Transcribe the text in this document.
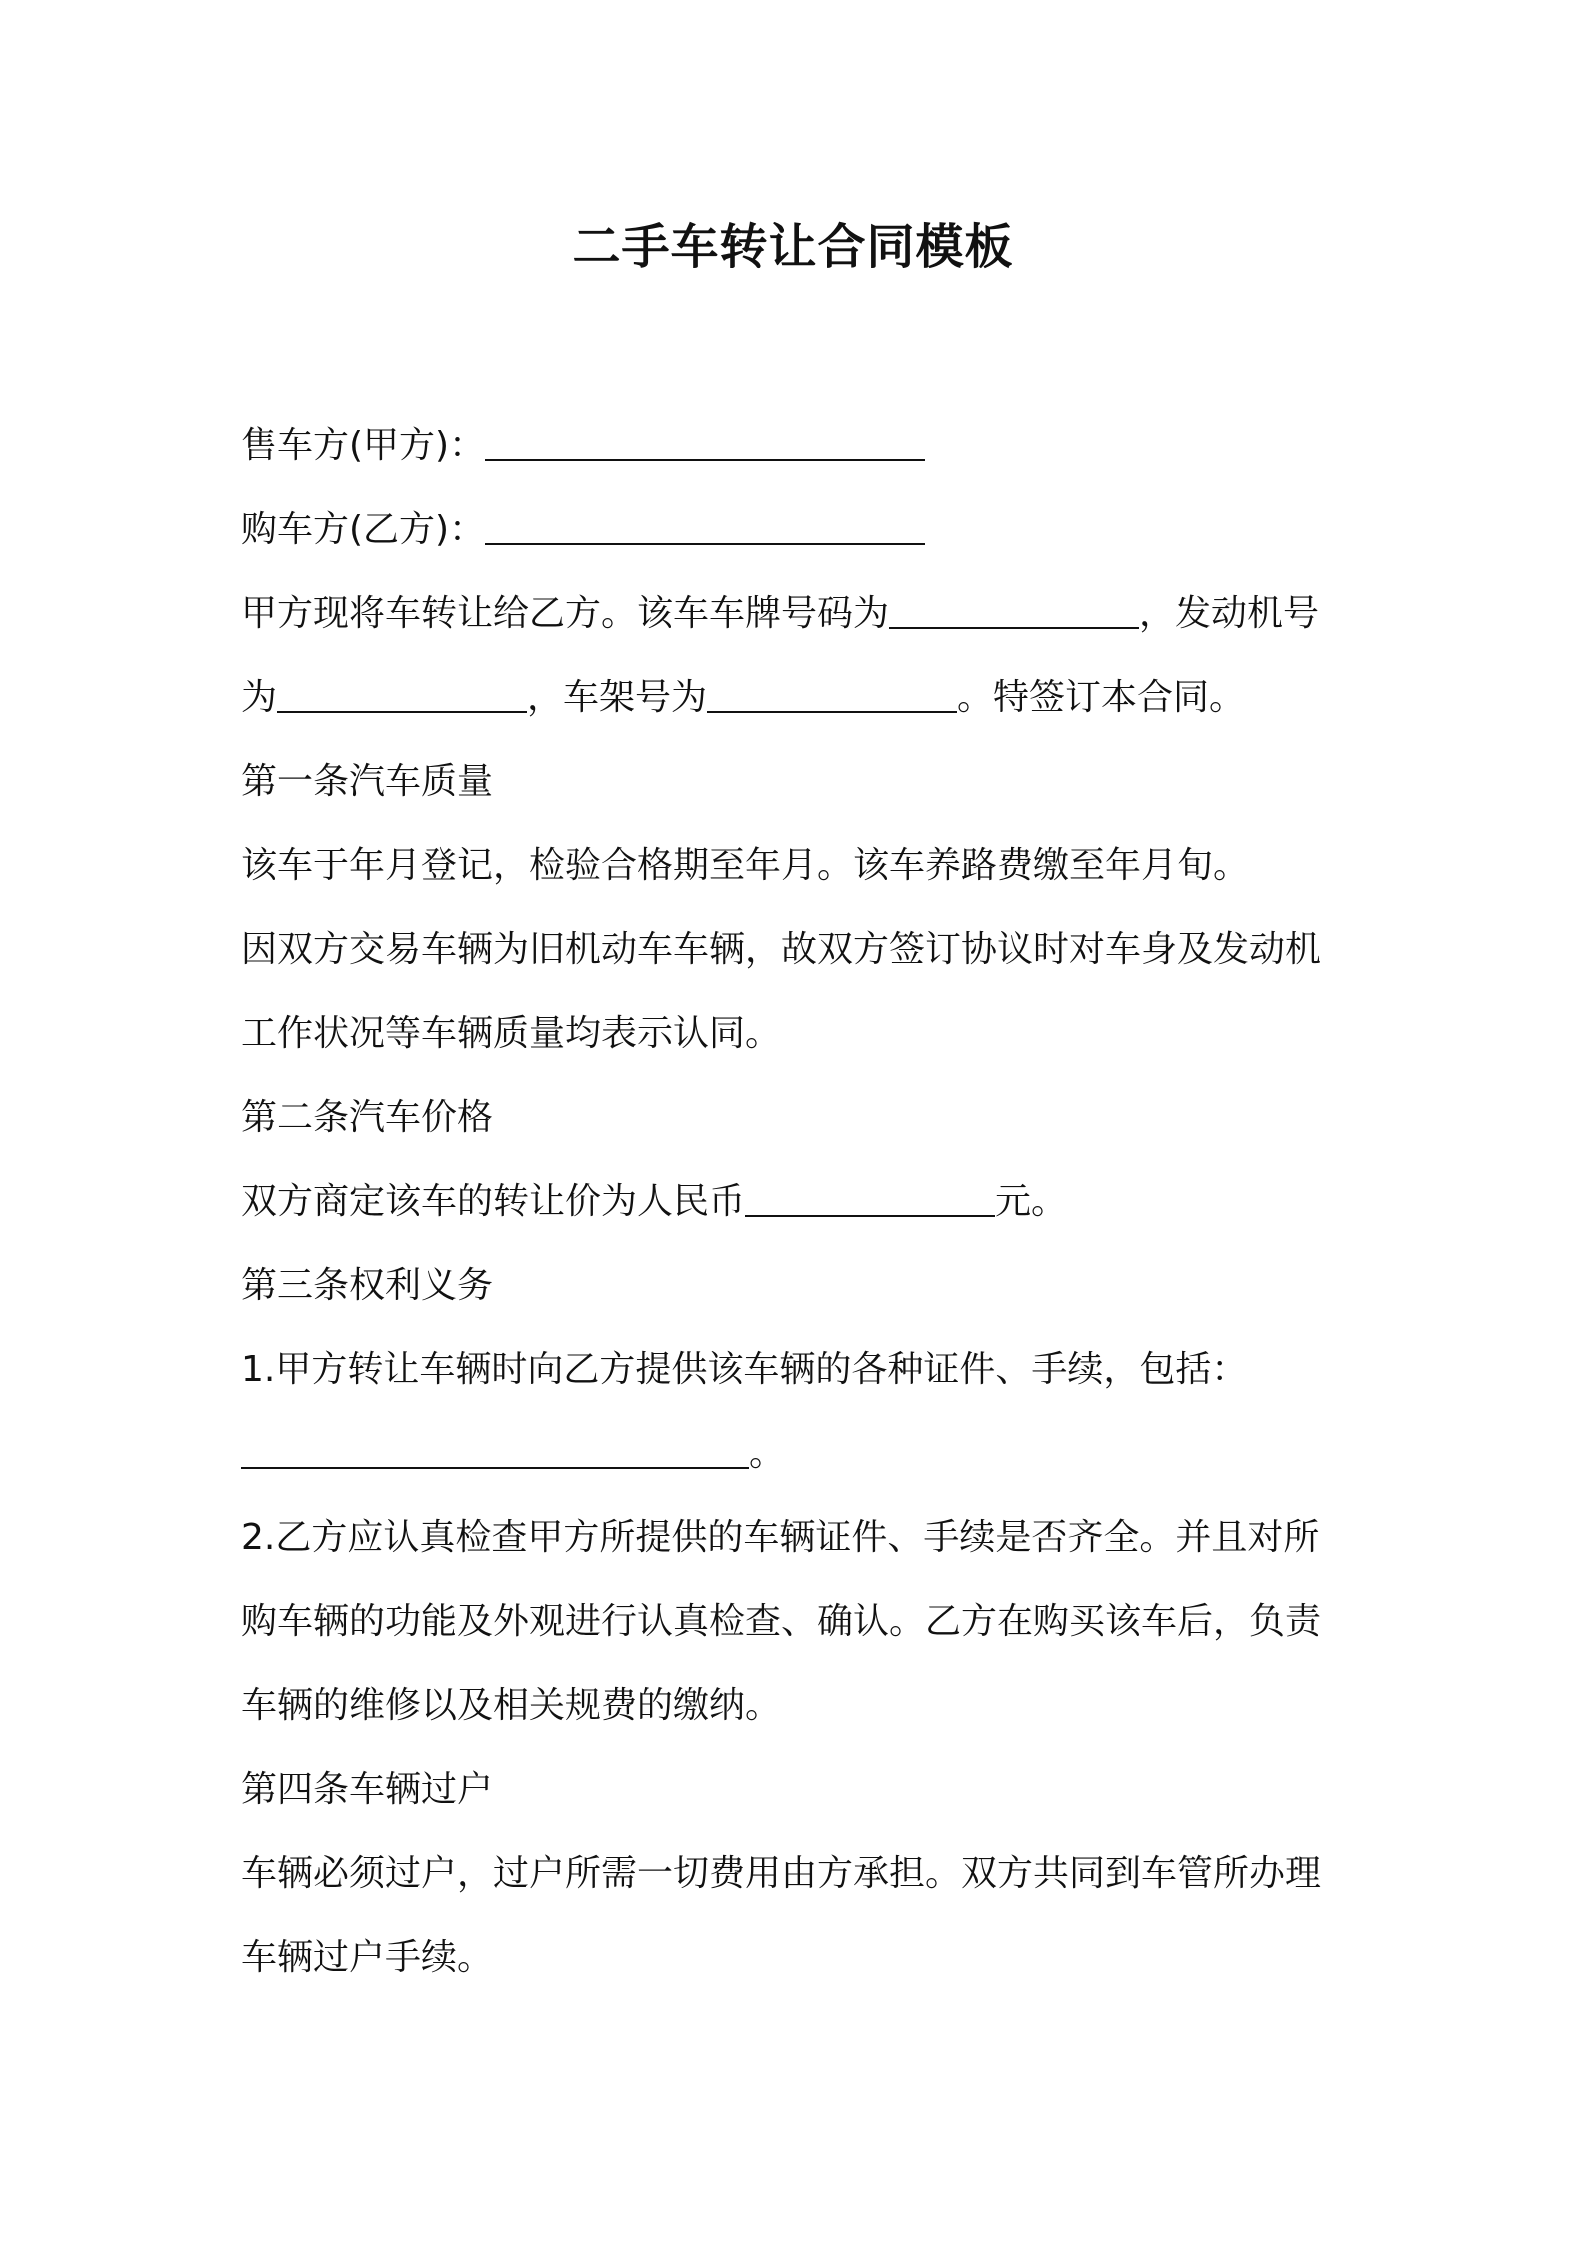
二手车转让合同模板
售车方(甲方)：
购车方(乙方)：
甲方现将车转让给乙方。该车车牌号码为	，发动机号
为	，车架号为	。特签订本合同。
第一条汽车质量
该车于年月登记，检验合格期至年月。该车养路费缴至年月旬。
因双方交易车辆为旧机动车车辆，故双方签订协议时对车身及发动机
工作状况等车辆质量均表示认同。
第二条汽车价格
双方商定该车的转让价为人民币	元。
第三条权利义务
1.甲方转让车辆时向乙方提供该车辆的各种证件、手续，包括：
。
2.乙方应认真检查甲方所提供的车辆证件、手续是否齐全。并且对所
购车辆的功能及外观进行认真检查、确认。乙方在购买该车后，负责
车辆的维修以及相关规费的缴纳。
第四条车辆过户
车辆必须过户，过户所需一切费用由方承担。双方共同到车管所办理
车辆过户手续。
